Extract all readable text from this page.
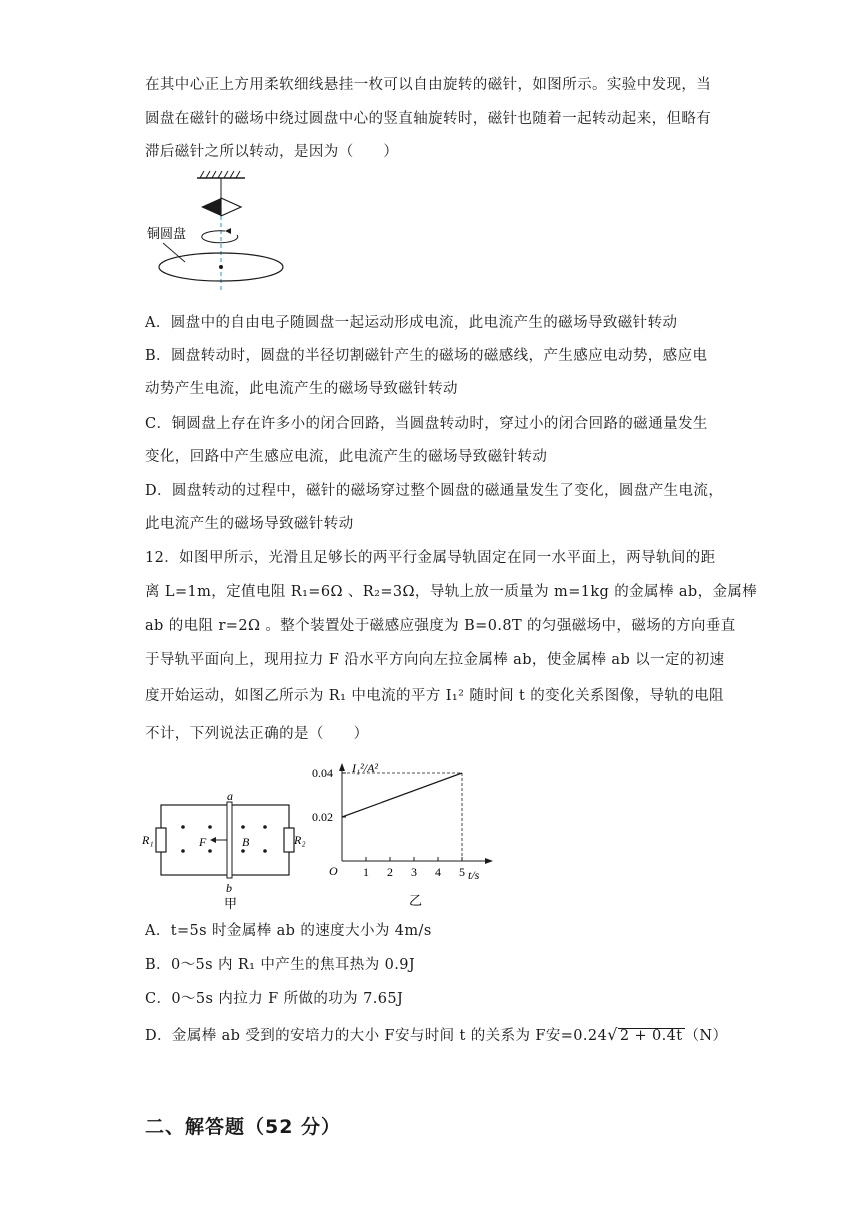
在其中心正上方用柔软细线悬挂一枚可以自由旋转的磁针，如图所示。实验中发现，当
圆盘在磁针的磁场中绕过圆盘中心的竖直轴旋转时，磁针也随着一起转动起来，但略有
滞后磁针之所以转动，是因为（　　）
铜圆盘
A．圆盘中的自由电子随圆盘一起运动形成电流，此电流产生的磁场导致磁针转动
B．圆盘转动时，圆盘的半径切割磁针产生的磁场的磁感线，产生感应电动势，感应电
动势产生电流，此电流产生的磁场导致磁针转动
C．铜圆盘上存在许多小的闭合回路，当圆盘转动时，穿过小的闭合回路的磁通量发生
变化，回路中产生感应电流，此电流产生的磁场导致磁针转动
D．圆盘转动的过程中，磁针的磁场穿过整个圆盘的磁通量发生了变化，圆盘产生电流，
此电流产生的磁场导致磁针转动
12．如图甲所示，光滑且足够长的两平行金属导轨固定在同一水平面上，两导轨间的距
离 L=1m，定值电阻 R₁=6Ω 、R₂=3Ω，导轨上放一质量为 m=1kg 的金属棒 ab，金属棒
ab 的电阻 r=2Ω 。整个装置处于磁感应强度为 B=0.8T 的匀强磁场中，磁场的方向垂直
于导轨平面向上，现用拉力 F 沿水平方向向左拉金属棒 ab，使金属棒 ab 以一定的初速
度开始运动，如图乙所示为 R₁ 中电流的平方 I₁² 随时间 t 的变化关系图像，导轨的电阻
不计，下列说法正确的是（　　）
a
b
F	B
R₁	R₂
甲
I₁²/A²
t/s
O
乙
1 2 3 4 5
0.02
0.04
A．t=5s 时金属棒 ab 的速度大小为 4m/s
B．0～5s 内 R₁ 中产生的焦耳热为 0.9J
C．0～5s 内拉力 F 所做的功为 7.65J
D．金属棒 ab 受到的安培力的大小 F安与时间 t 的关系为 F安=0.24√ 2 + 0.4t （N）
二、解答题（52 分）
